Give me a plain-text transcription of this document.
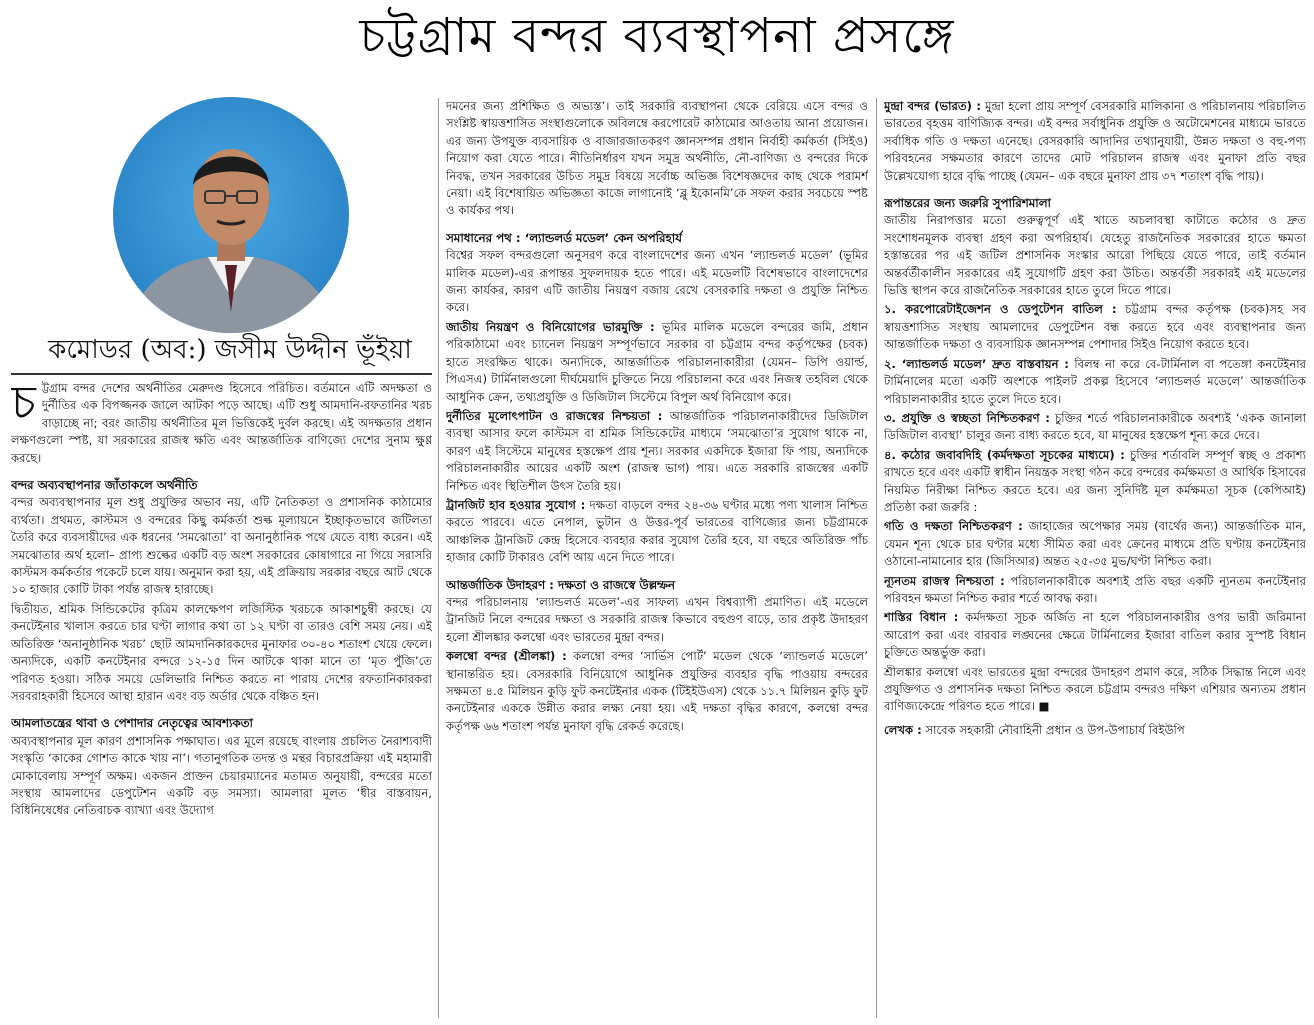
চট্টগ্রাম বন্দর ব্যবস্থাপনা প্রসঙ্গে
কমোডর (অব:) জসীম উদ্দীন ভূঁইয়া

চট্টগ্রাম বন্দর দেশের অর্থনীতির মেরুদণ্ড হিসেবে পরিচিত। বর্তমানে এটি অদক্ষতা ও দুর্নীতির এক বিপজ্জনক জালে আটকা পড়ে আছে। এটি শুধু আমদানি-রফতানির খরচ বাড়াচ্ছে না; বরং জাতীয় অর্থনীতির মূল ভিত্তিকেই দুর্বল করছে। এই অদক্ষতার প্রধান লক্ষণগুলো স্পষ্ট, যা সরকারের রাজস্ব ক্ষতি এবং আন্তর্জাতিক বাণিজ্যে দেশের সুনাম ক্ষুণ্ণ করছে।

বন্দর অব্যবস্থাপনার জাঁতাকলে অর্থনীতি

বন্দর অব্যবস্থাপনার মূল শুধু প্রযুক্তির অভাব নয়, এটি নৈতিকতা ও প্রশাসনিক কাঠামোর ব্যর্থতা। প্রথমত, কাস্টমস ও বন্দরের কিছু কর্মকর্তা শুল্ক মূল্যায়নে ইচ্ছাকৃতভাবে জটিলতা তৈরি করে ব্যবসায়ীদের এক ধরনের ‘সমঝোতা’ বা অনানুষ্ঠানিক পথে যেতে বাধ্য করেন। এই সমঝোতার অর্থ হলো– প্রাপ্য শুল্কের একটি বড় অংশ সরকারের কোষাগারে না গিয়ে সরাসরি কাস্টমস কর্মকর্তার পকেটে চলে যায়। অনুমান করা হয়, এই প্রক্রিয়ায় সরকার বছরে আট থেকে ১০ হাজার কোটি টাকা পর্যন্ত রাজস্ব হারাচ্ছে।

দ্বিতীয়ত, শ্রমিক সিন্ডিকেটের কৃত্রিম কালক্ষেপণ লজিস্টিক খরচকে আকাশচুম্বী করছে। যে কনটেইনার খালাস করতে চার ঘণ্টা লাগার কথা তা ১২ ঘণ্টা বা তারও বেশি সময় নেয়। এই অতিরিক্ত ‘অনানুষ্ঠানিক খরচ’ ছোট আমদানিকারকদের মুনাফার ৩০-৪০ শতাংশ খেয়ে ফেলে। অন্যদিকে, একটি কনটেইনার বন্দরে ১২-১৫ দিন আটকে থাকা মানে তা ‘মৃত পুঁজি’তে পরিণত হওয়া। সঠিক সময়ে ডেলিভারি নিশ্চিত করতে না পারায় দেশের রফতানিকারকরা সরবরাহকারী হিসেবে আস্থা হারান এবং বড় অর্ডার থেকে বঞ্চিত হন।

আমলাতন্ত্রের থাবা ও পেশাদার নেতৃত্বের আবশ্যকতা

অব্যবস্থাপনার মূল কারণ প্রশাসনিক পক্ষাঘাত। এর মূলে রয়েছে বাংলায় প্রচলিত নৈরাশ্যবাদী সংস্কৃতি ‘কাকের গোশত কাকে খায় না’। গতানুগতিক তদন্ত ও মন্থর বিচারপ্রক্রিয়া এই মহামারী মোকাবেলায় সম্পূর্ণ অক্ষম। একজন প্রাক্তন চেয়ারম্যানের মতামত অনুযায়ী, বন্দরের মতো সংস্থায় আমলাদের ডেপুটেশন একটি বড় সমস্যা। আমলারা মূলত ‘ধীর বাস্তবায়ন, বিধিনিষেধের নেতিবাচক ব্যাখ্যা এবং উদ্যোগ

দমনের জন্য প্রশিক্ষিত ও অভ্যস্ত’। তাই সরকারি ব্যবস্থাপনা থেকে বেরিয়ে এসে বন্দর ও সংশ্লিষ্ট স্বায়ত্তশাসিত সংস্থাগুলোকে অবিলম্বে করপোরেট কাঠামোর আওতায় আনা প্রয়োজন। এর জন্য উপযুক্ত ব্যবসায়িক ও বাজারজাতকরণ জ্ঞানসম্পন্ন প্রধান নির্বাহী কর্মকর্তা (সিইও) নিয়োগ করা যেতে পারে। নীতিনির্ধারণ যখন সমুদ্র অর্থনীতি, নৌ-বাণিজ্য ও বন্দরের দিকে নিবদ্ধ, তখন সরকারের উচিত সমুদ্র বিষয়ে সর্বোচ্চ অভিজ্ঞ বিশেষজ্ঞদের কাছ থেকে পরামর্শ নেয়া। এই বিশেষায়িত অভিজ্ঞতা কাজে লাগানোই ‘ব্লু ইকোনমি’কে সফল করার সবচেয়ে স্পষ্ট ও কার্যকর পথ।

সমাধানের পথ : ‘ল্যান্ডলর্ড মডেল’ কেন অপরিহার্য

বিশ্বের সফল বন্দরগুলো অনুসরণ করে বাংলাদেশের জন্য এখন ‘ল্যান্ডলর্ড মডেল’ (ভূমির মালিক মডেল)-এর রূপান্তর সুফলদায়ক হতে পারে। এই মডেলটি বিশেষভাবে বাংলাদেশের জন্য কার্যকর, কারণ এটি জাতীয় নিয়ন্ত্রণ বজায় রেখে বেসরকারি দক্ষতা ও প্রযুক্তি নিশ্চিত করে।

জাতীয় নিয়ন্ত্রণ ও বিনিয়োগের ভারমুক্তি : ভূমির মালিক মডেলে বন্দরের জমি, প্রধান পরিকাঠামো এবং চ্যানেল নিয়ন্ত্রণ সম্পূর্ণভাবে সরকার বা চট্টগ্রাম বন্দর কর্তৃপক্ষের (চবক) হাতে সংরক্ষিত থাকে। অন্যদিকে, আন্তর্জাতিক পরিচালনাকারীরা (যেমন– ডিপি ওয়ার্ল্ড, পিএসএ) টার্মিনালগুলো দীর্ঘমেয়াদি চুক্তিতে নিয়ে পরিচালনা করে এবং নিজস্ব তহবিল থেকে আধুনিক ক্রেন, তথ্যপ্রযুক্তি ও ডিজিটাল সিস্টেমে বিপুল অর্থ বিনিয়োগ করে।

দুর্নীতির মূলোৎপাটন ও রাজস্বের নিশ্চয়তা : আন্তর্জাতিক পরিচালনাকারীদের ডিজিটাল ব্যবস্থা আসার ফলে কাস্টমস বা শ্রমিক সিন্ডিকেটের মাধ্যমে ‘সমঝোতা’র সুযোগ থাকে না, কারণ এই সিস্টেমে মানুষের হস্তক্ষেপ প্রায় শূন্য। সরকার একদিকে ইজারা ফি পায়, অন্যদিকে পরিচালনাকারীর আয়ের একটি অংশ (রাজস্ব ভাগ) পায়। এতে সরকারি রাজস্বের একটি নিশ্চিত এবং স্থিতিশীল উৎস তৈরি হয়।

ট্রানজিট হাব হওয়ার সুযোগ : দক্ষতা বাড়লে বন্দর ২৪-৩৬ ঘণ্টার মধ্যে পণ্য খালাস নিশ্চিত করতে পারবে। এতে নেপাল, ভুটান ও উত্তর-পূর্ব ভারতের বাণিজ্যের জন্য চট্টগ্রামকে আঞ্চলিক ট্রানজিট কেন্দ্র হিসেবে ব্যবহার করার সুযোগ তৈরি হবে, যা বছরে অতিরিক্ত পাঁচ হাজার কোটি টাকারও বেশি আয় এনে দিতে পারে।

আন্তর্জাতিক উদাহরণ : দক্ষতা ও রাজস্বে উল্লম্ফন

বন্দর পরিচালনায় ‘ল্যান্ডলর্ড মডেল’-এর সাফল্য এখন বিশ্বব্যাপী প্রমাণিত। এই মডেলে ট্রানজিট নিলে বন্দরের দক্ষতা ও সরকারি রাজস্ব কিভাবে বহুগুণ বাড়ে, তার প্রকৃষ্ট উদাহরণ হলো শ্রীলঙ্কার কলম্বো এবং ভারতের মুন্দ্রা বন্দর।

কলম্বো বন্দর (শ্রীলঙ্কা) : কলম্বো বন্দর ‘সার্ভিস পোর্ট’ মডেল থেকে ‘ল্যান্ডলর্ড মডেলে’ স্থানান্তরিত হয়। বেসরকারি বিনিয়োগে আধুনিক প্রযুক্তির ব্যবহার বৃদ্ধি পাওয়ায় বন্দরের সক্ষমতা ৪.৫ মিলিয়ন কুড়ি ফুট কনটেইনার একক (টিইইউএস) থেকে ১১.৭ মিলিয়ন কুড়ি ফুট কনটেইনার এককে উন্নীত করার লক্ষ্য নেয়া হয়। এই দক্ষতা বৃদ্ধির কারণে, কলম্বো বন্দর কর্তৃপক্ষ ৬৬ শতাংশ পর্যন্ত মুনাফা বৃদ্ধি রেকর্ড করেছে।

মুন্দ্রা বন্দর (ভারত) : মুন্দ্রা হলো প্রায় সম্পূর্ণ বেসরকারি মালিকানা ও পরিচালনায় পরিচালিত ভারতের বৃহত্তম বাণিজ্যিক বন্দর। এই বন্দর সর্বাধুনিক প্রযুক্তি ও অটোমেশনের মাধ্যমে ভারতে সর্বাধিক গতি ও দক্ষতা এনেছে। বেসরকারি আদানির তথ্যানুযায়ী, উন্নত দক্ষতা ও বহু-পণ্য পরিবহনের সক্ষমতার কারণে তাদের মোট পরিচালন রাজস্ব এবং মুনাফা প্রতি বছর উল্লেখযোগ্য হারে বৃদ্ধি পাচ্ছে (যেমন– এক বছরে মুনাফা প্রায় ৩৭ শতাংশ বৃদ্ধি পায়)।

রূপান্তরের জন্য জরুরি সুপারিশমালা

জাতীয় নিরাপত্তার মতো গুরুত্বপূর্ণ এই খাতে অচলাবস্থা কাটাতে কঠোর ও দ্রুত সংশোধনমূলক ব্যবস্থা গ্রহণ করা অপরিহার্য। যেহেতু রাজনৈতিক সরকারের হাতে ক্ষমতা হস্তান্তরের পর এই জটিল প্রশাসনিক সংস্কার আরো পিছিয়ে যেতে পারে, তাই বর্তমান অন্তর্বর্তীকালীন সরকারের এই সুযোগটি গ্রহণ করা উচিত। অন্তর্বর্তী সরকারই এই মডেলের ভিত্তি স্থাপন করে রাজনৈতিক সরকারের হাতে তুলে দিতে পারে।

১. করপোরেটাইজেশন ও ডেপুটেশন বাতিল : চট্টগ্রাম বন্দর কর্তৃপক্ষ (চবক)সহ সব স্বায়ত্তশাসিত সংস্থায় আমলাদের ডেপুটেশন বন্ধ করতে হবে এবং ব্যবস্থাপনার জন্য আন্তর্জাতিক দক্ষতা ও ব্যবসায়িক জ্ঞানসম্পন্ন পেশাদার সিইও নিয়োগ করতে হবে।

২. ‘ল্যান্ডলর্ড মডেল’ দ্রুত বাস্তবায়ন : বিলম্ব না করে বে-টার্মিনাল বা পতেঙ্গা কনটেইনার টার্মিনালের মতো একটি অংশকে পাইলট প্রকল্প হিসেবে ‘ল্যান্ডলর্ড মডেলে’ আন্তর্জাতিক পরিচালনাকারীর হাতে তুলে দিতে হবে।

৩. প্রযুক্তি ও স্বচ্ছতা নিশ্চিতকরণ : চুক্তির শর্তে পরিচালনাকারীকে অবশ্যই ‘একক জানালা ডিজিটাল ব্যবস্থা’ চালুর জন্য বাধ্য করতে হবে, যা মানুষের হস্তক্ষেপ শূন্য করে দেবে।

৪. কঠোর জবাবদিহি (কর্মদক্ষতা সূচকের মাধ্যমে) : চুক্তির শর্তাবলি সম্পূর্ণ স্বচ্ছ ও প্রকাশ্য রাখতে হবে এবং একটি স্বাধীন নিয়ন্ত্রক সংস্থা গঠন করে বন্দরের কর্মক্ষমতা ও আর্থিক হিসাবের নিয়মিত নিরীক্ষা নিশ্চিত করতে হবে। এর জন্য সুনির্দিষ্ট মূল কর্মক্ষমতা সূচক (কেপিআই) প্রতিষ্ঠা করা জরুরি :

গতি ও দক্ষতা নিশ্চিতকরণ : জাহাজের অপেক্ষার সময় (বার্থের জন্য) আন্তর্জাতিক মান, যেমন শূন্য থেকে চার ঘণ্টার মধ্যে সীমিত করা এবং ক্রেনের মাধ্যমে প্রতি ঘণ্টায় কনটেইনার ওঠানো-নামানোর হার (জিসিআর) অন্তত ২৫-৩৫ মুভ/ঘণ্টা নিশ্চিত করা।

ন্যূনতম রাজস্ব নিশ্চয়তা : পরিচালনাকারীকে অবশ্যই প্রতি বছর একটি ন্যূনতম কনটেইনার পরিবহন ক্ষমতা নিশ্চিত করার শর্তে আবদ্ধ করা।

শাস্তির বিধান : কর্মদক্ষতা সূচক অর্জিত না হলে পরিচালনাকারীর ওপর ভারী জরিমানা আরোপ করা এবং বারবার লঙ্ঘনের ক্ষেত্রে টার্মিনালের ইজারা বাতিল করার সুস্পষ্ট বিধান চুক্তিতে অন্তর্ভুক্ত করা।

শ্রীলঙ্কার কলম্বো এবং ভারতের মুন্দ্রা বন্দরের উদাহরণ প্রমাণ করে, সঠিক সিদ্ধান্ত নিলে এবং প্রযুক্তিগত ও প্রশাসনিক দক্ষতা নিশ্চিত করলে চট্টগ্রাম বন্দরও দক্ষিণ এশিয়ার অন্যতম প্রধান বাণিজ্যকেন্দ্রে পরিণত হতে পারে। ■

লেখক : সাবেক সহকারী নৌবাহিনী প্রধান ও উপ-উপাচার্য বিইউপি
